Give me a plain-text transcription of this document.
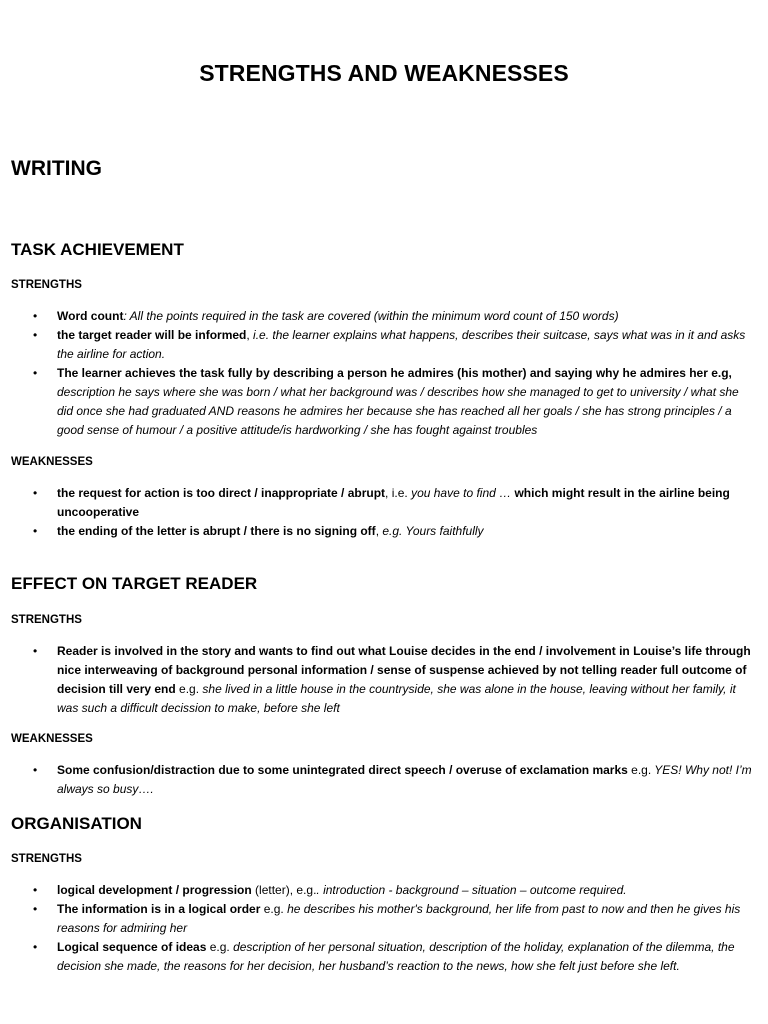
STRENGTHS AND WEAKNESSES
WRITING
TASK ACHIEVEMENT
STRENGTHS
• Word count: All the points required in the task are covered (within the minimum word count of 150 words)
• the target reader will be informed, i.e. the learner explains what happens, describes their suitcase, says what was in it and asks the airline for action.
• The learner achieves the task fully by describing a person he admires (his mother) and saying why he admires her e.g, description he says where she was born / what her background was / describes how she managed to get to university / what she did once she had graduated AND reasons he admires her because she has reached all her goals / she has strong principles / a good sense of humour / a positive attitude/is hardworking / she has fought against troubles
WEAKNESSES
• the request for action is too direct / inappropriate / abrupt, i.e. you have to find … which might result in the airline being uncooperative
• the ending of the letter is abrupt / there is no signing off, e.g. Yours faithfully
EFFECT ON TARGET READER
STRENGTHS
• Reader is involved in the story and wants to find out what Louise decides in the end / involvement in Louise’s life through nice interweaving of background personal information / sense of suspense achieved by not telling reader full outcome of decision till very end e.g. she lived in a little house in the countryside, she was alone in the house, leaving without her family, it was such a difficult decission to make, before she left
WEAKNESSES
• Some confusion/distraction due to some unintegrated direct speech / overuse of exclamation marks e.g. YES! Why not! I’m always so busy….
ORGANISATION
STRENGTHS
• logical development / progression (letter), e.g.. introduction - background – situation – outcome required.
• The information is in a logical order e.g. he describes his mother's background, her life from past to now and then he gives his reasons for admiring her
• Logical sequence of ideas e.g. description of her personal situation, description of the holiday, explanation of the dilemma, the decision she made, the reasons for her decision, her husband’s reaction to the news, how she felt just before she left.
